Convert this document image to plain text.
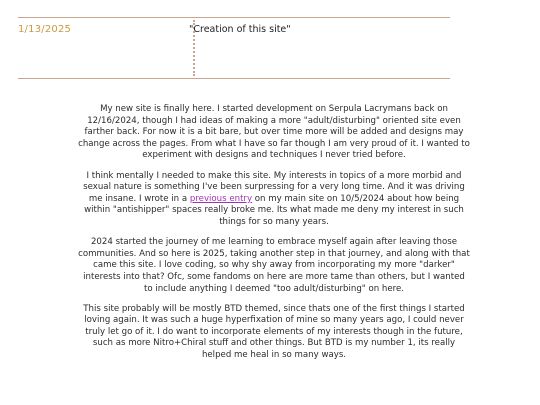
1/13/2025	"Creation of this site"

My new site is finally here. I started development on Serpula Lacrymans back on 12/16/2024, though I had ideas of making a more "adult/disturbing" oriented site even farther back. For now it is a bit bare, but over time more will be added and designs may change across the pages. From what I have so far though I am very proud of it. I wanted to experiment with designs and techniques I never tried before.

I think mentally I needed to make this site. My interests in topics of a more morbid and sexual nature is something I've been surpressing for a very long time. And it was driving me insane. I wrote in a previous entry on my main site on 10/5/2024 about how being within "antishipper" spaces really broke me. Its what made me deny my interest in such things for so many years.

2024 started the journey of me learning to embrace myself again after leaving those communities. And so here is 2025, taking another step in that journey, and along with that came this site. I love coding, so why shy away from incorporating my more "darker" interests into that? Ofc, some fandoms on here are more tame than others, but I wanted to include anything I deemed "too adult/disturbing" on here.

This site probably will be mostly BTD themed, since thats one of the first things I started loving again. It was such a huge hyperfixation of mine so many years ago, I could never truly let go of it. I do want to incorporate elements of my interests though in the future, such as more Nitro+Chiral stuff and other things. But BTD is my number 1, its really helped me heal in so many ways.
